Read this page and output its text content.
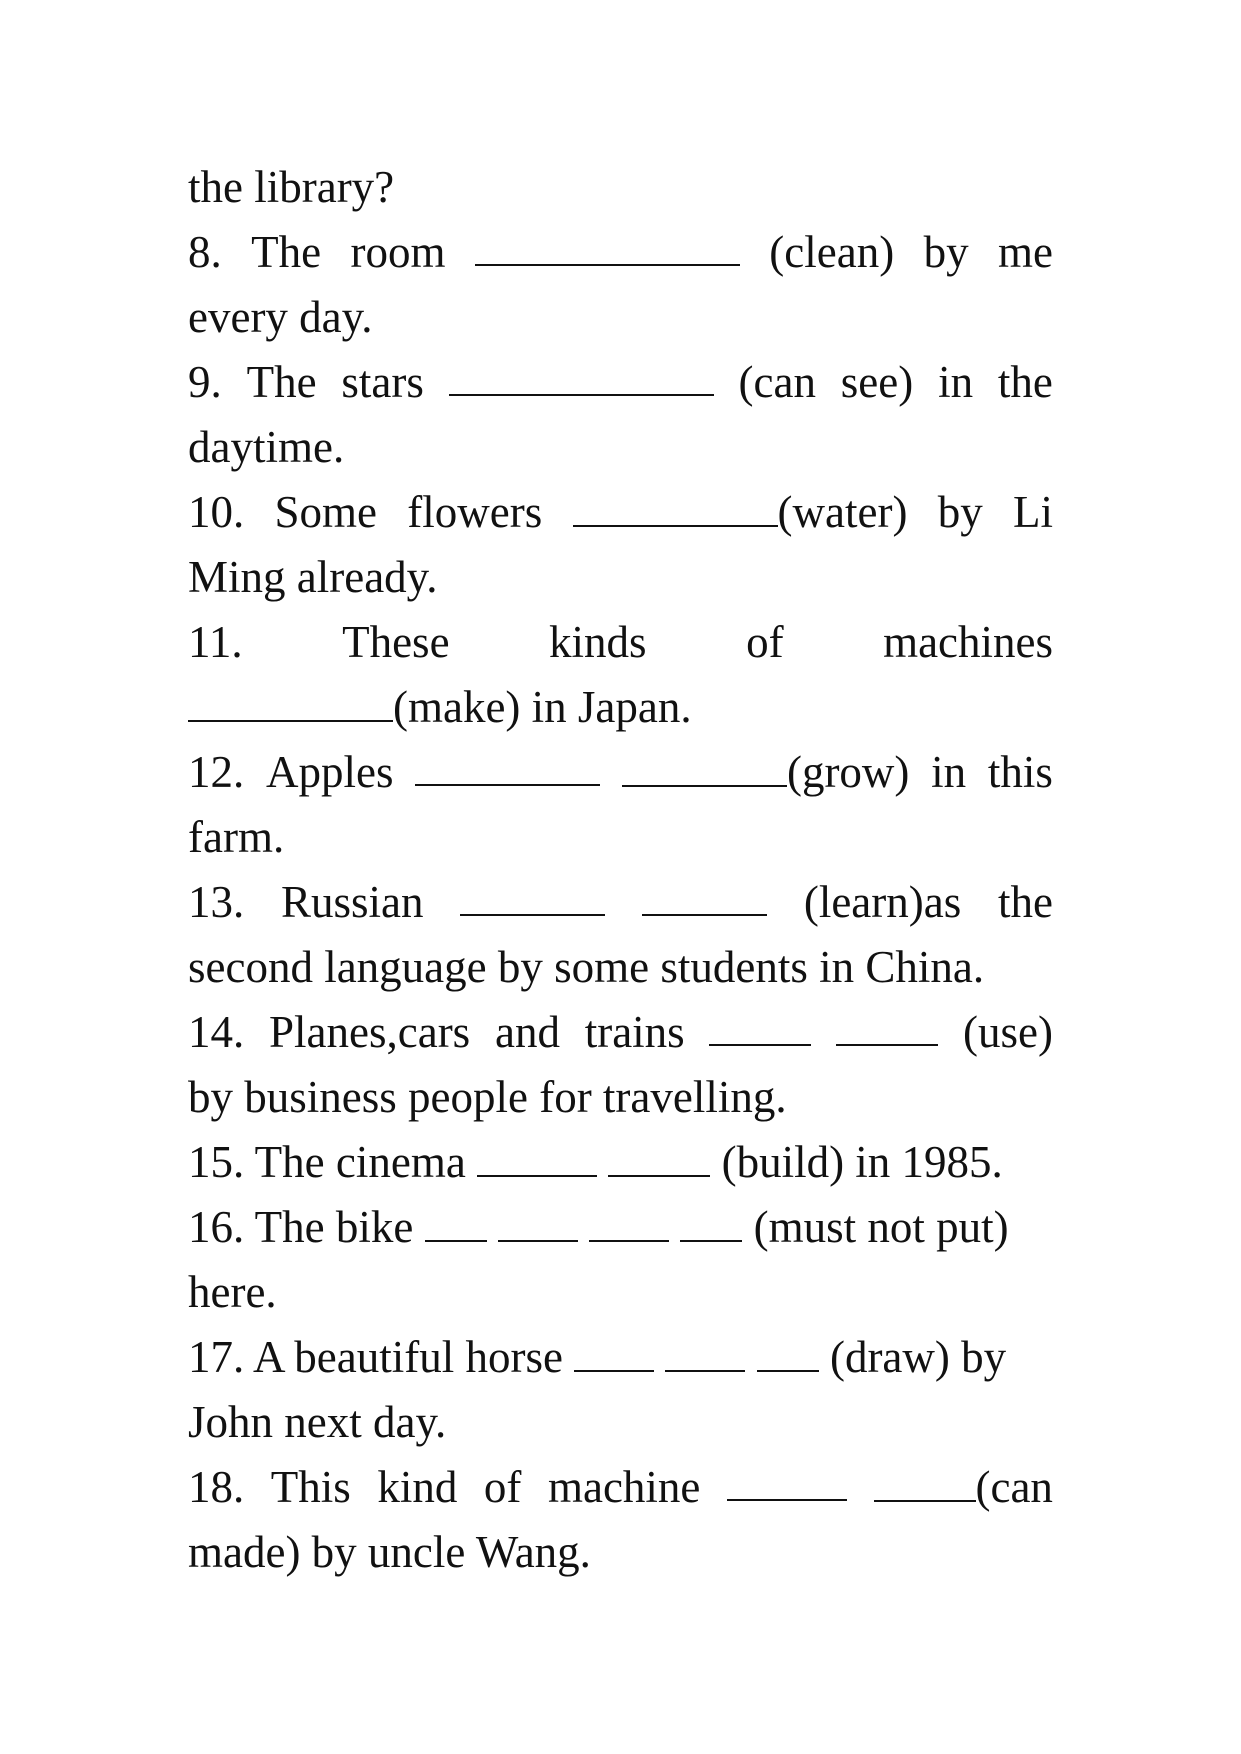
the library?
8. The room	(clean) by me
every day.
9. The stars	(can see) in the
daytime.
10. Some flowers	(water) by Li
Ming already.
11. These kinds of machines
(make) in Japan.
12. Apples	(grow) in this
farm.
13. Russian	(learn)as the
second language by some students in China.
14. Planes,cars and trains	(use)
by business people for travelling.
15. The cinema	(build) in 1985.
16. The bike	(must not put)
here.
17. A beautiful horse	(draw) by
John next day.
18. This kind of machine	(can
made) by uncle Wang.
